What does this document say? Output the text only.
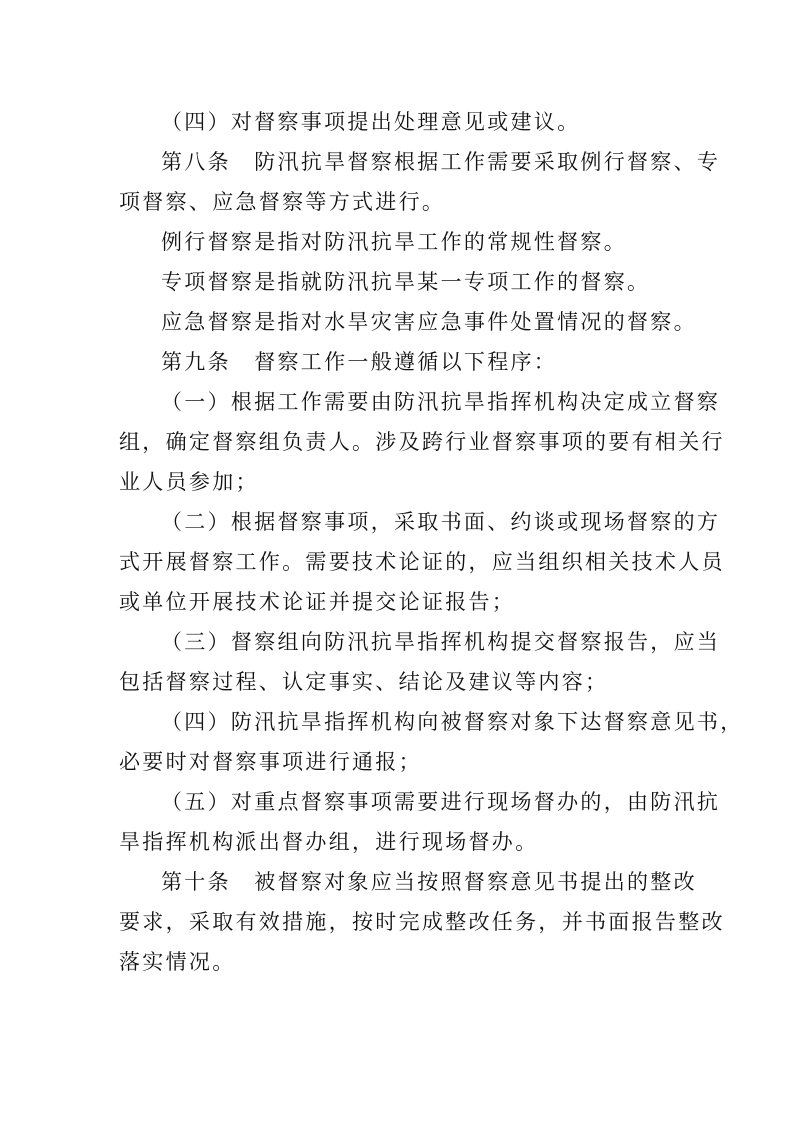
（四）对督察事项提出处理意见或建议。
第八条　防汛抗旱督察根据工作需要采取例行督察、专
项督察、应急督察等方式进行。
例行督察是指对防汛抗旱工作的常规性督察。
专项督察是指就防汛抗旱某一专项工作的督察。
应急督察是指对水旱灾害应急事件处置情况的督察。
第九条　督察工作一般遵循以下程序：
（一）根据工作需要由防汛抗旱指挥机构决定成立督察
组，确定督察组负责人。涉及跨行业督察事项的要有相关行
业人员参加；
（二）根据督察事项，采取书面、约谈或现场督察的方
式开展督察工作。需要技术论证的，应当组织相关技术人员
或单位开展技术论证并提交论证报告；
（三）督察组向防汛抗旱指挥机构提交督察报告，应当
包括督察过程、认定事实、结论及建议等内容；
（四）防汛抗旱指挥机构向被督察对象下达督察意见书，
必要时对督察事项进行通报；
（五）对重点督察事项需要进行现场督办的，由防汛抗
旱指挥机构派出督办组，进行现场督办。
第十条　被督察对象应当按照督察意见书提出的整改
要求，采取有效措施，按时完成整改任务，并书面报告整改
落实情况。
